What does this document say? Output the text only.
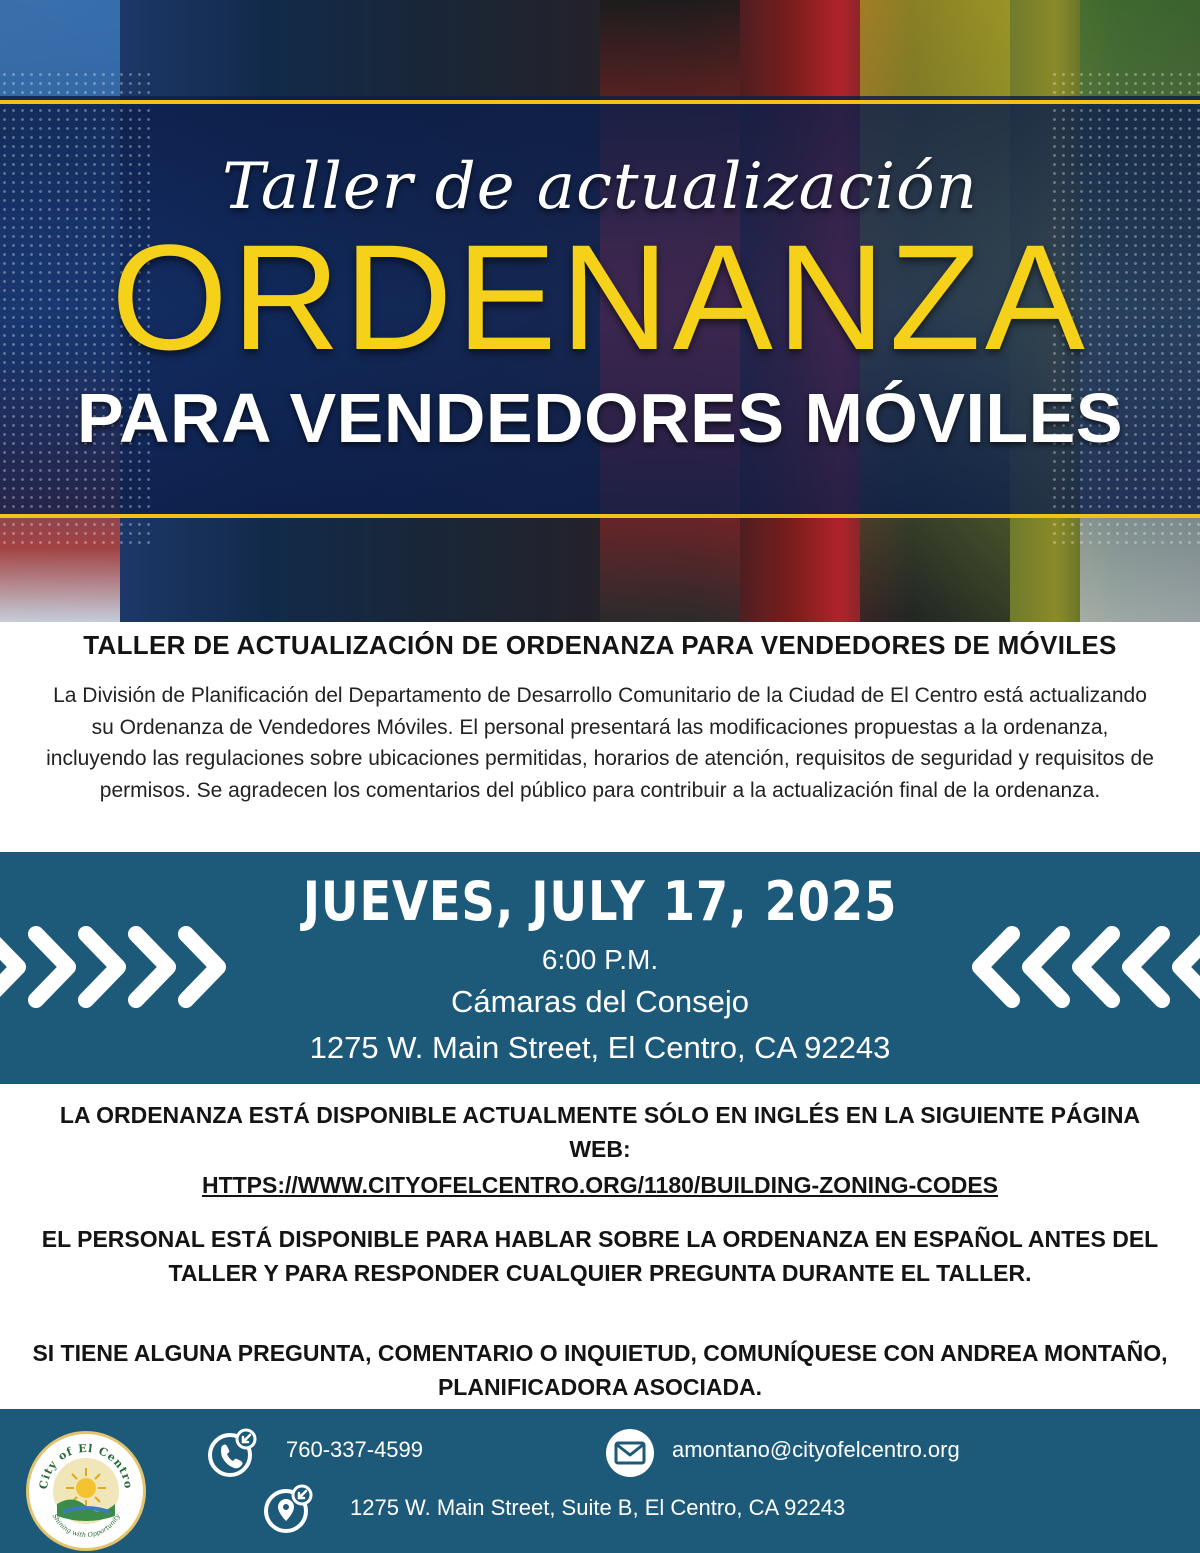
Taller de actualización
ORDENANZA
PARA VENDEDORES MÓVILES
TALLER DE ACTUALIZACIÓN DE ORDENANZA PARA VENDEDORES DE MÓVILES
La División de Planificación del Departamento de Desarrollo Comunitario de la Ciudad de El Centro está actualizando su Ordenanza de Vendedores Móviles. El personal presentará las modificaciones propuestas a la ordenanza, incluyendo las regulaciones sobre ubicaciones permitidas, horarios de atención, requisitos de seguridad y requisitos de permisos. Se agradecen los comentarios del público para contribuir a la actualización final de la ordenanza.
JUEVES, JULY 17, 2025
6:00 P.M.
Cámaras del Consejo
1275 W. Main Street, El Centro, CA 92243
LA ORDENANZA ESTÁ DISPONIBLE ACTUALMENTE SÓLO EN INGLÉS EN LA SIGUIENTE PÁGINA WEB:
HTTPS://WWW.CITYOFELCENTRO.ORG/1180/BUILDING-ZONING-CODES
EL PERSONAL ESTÁ DISPONIBLE PARA HABLAR SOBRE LA ORDENANZA EN ESPAÑOL ANTES DEL TALLER Y PARA RESPONDER CUALQUIER PREGUNTA DURANTE EL TALLER.
SI TIENE ALGUNA PREGUNTA, COMENTARIO O INQUIETUD, COMUNÍQUESE CON ANDREA MONTAÑO, PLANIFICADORA ASOCIADA.
City of El Centro
Shining with Opportunity
760-337-4599	amontano@cityofelcentro.org
1275 W. Main Street, Suite B, El Centro, CA 92243
